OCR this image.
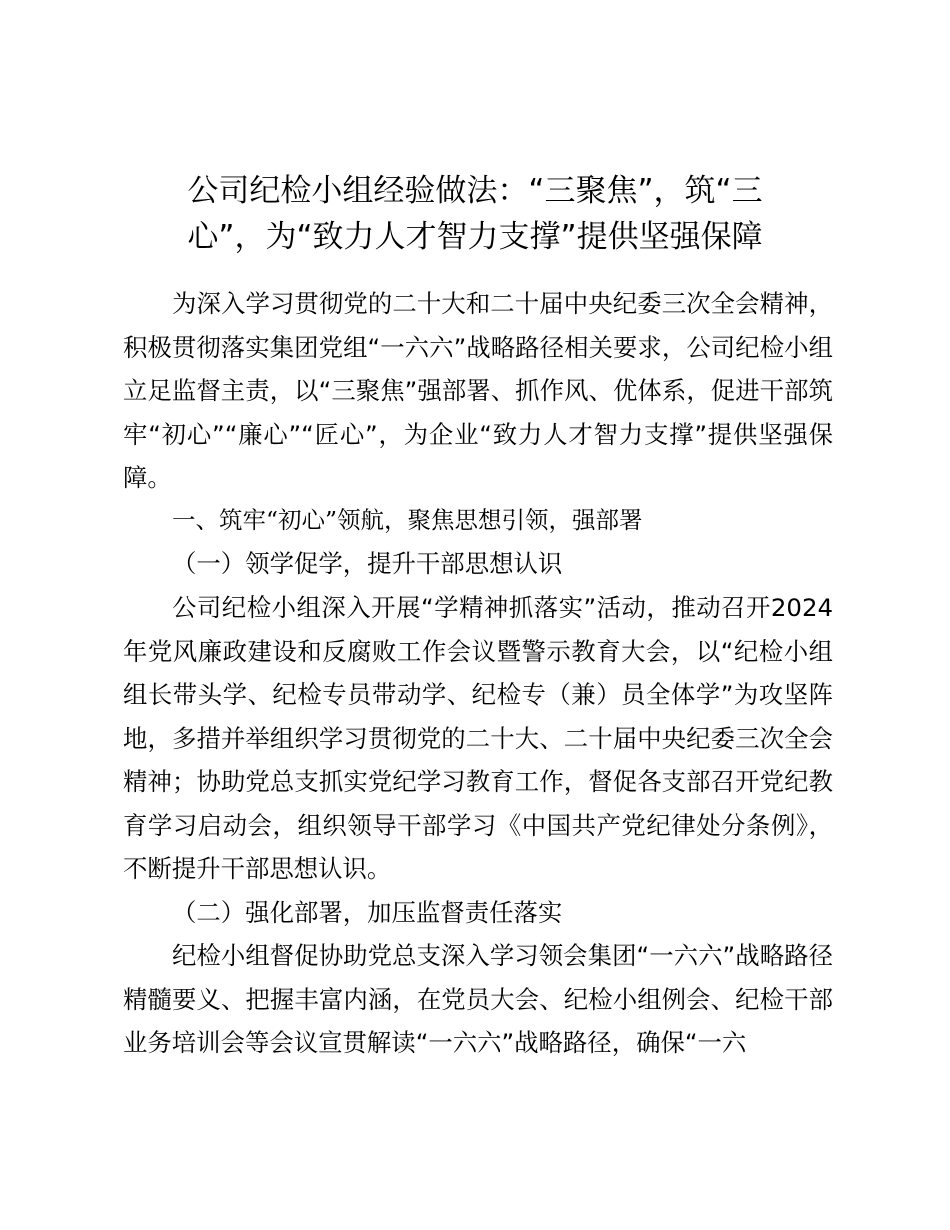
公司纪检小组经验做法：“三聚焦”，筑“三心”，为“致力人才智力支撑”提供坚强保障

为深入学习贯彻党的二十大和二十届中央纪委三次全会精神，积极贯彻落实集团党组“一六六”战略路径相关要求，公司纪检小组立足监督主责，以“三聚焦”强部署、抓作风、优体系，促进干部筑牢“初心”“廉心”“匠心”，为企业“致力人才智力支撑”提供坚强保障。

一、筑牢“初心”领航，聚焦思想引领，强部署

（一）领学促学，提升干部思想认识

公司纪检小组深入开展“学精神抓落实”活动，推动召开2024年党风廉政建设和反腐败工作会议暨警示教育大会，以“纪检小组组长带头学、纪检专员带动学、纪检专（兼）员全体学”为攻坚阵地，多措并举组织学习贯彻党的二十大、二十届中央纪委三次全会精神；协助党总支抓实党纪学习教育工作，督促各支部召开党纪教育学习启动会，组织领导干部学习《中国共产党纪律处分条例》，不断提升干部思想认识。

（二）强化部署，加压监督责任落实

纪检小组督促协助党总支深入学习领会集团“一六六”战略路径精髓要义、把握丰富内涵，在党员大会、纪检小组例会、纪检干部业务培训会等会议宣贯解读“一六六”战略路径，确保“一六
